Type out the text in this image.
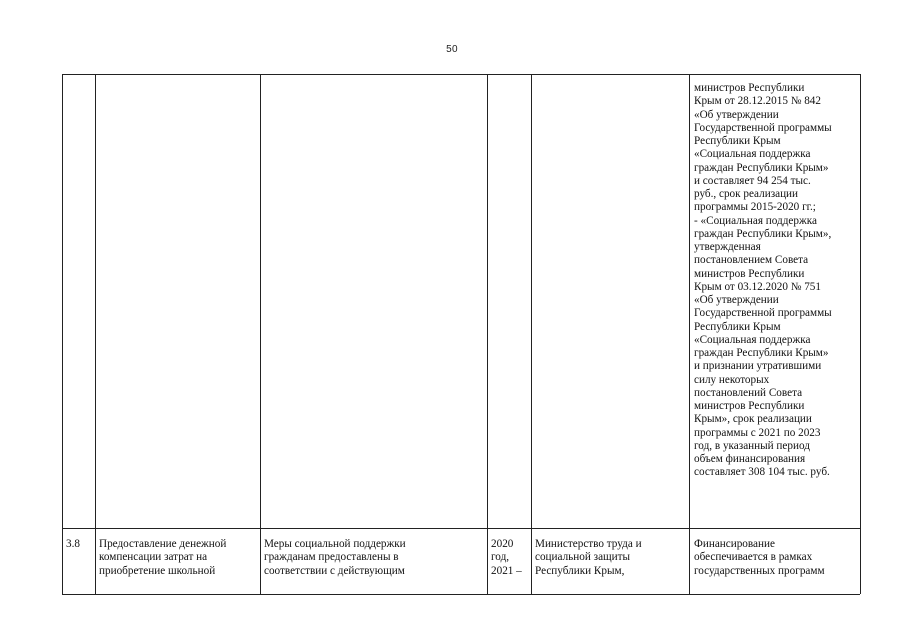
50
министров Республики
Крым от 28.12.2015 № 842
«Об утверждении
Государственной программы
Республики Крым
«Социальная поддержка
граждан Республики Крым»
и составляет 94 254 тыс.
руб., срок реализации
программы 2015-2020 гг.;
- «Социальная поддержка
граждан Республики Крым»,
утвержденная
постановлением Совета
министров Республики
Крым от 03.12.2020 № 751
«Об утверждении
Государственной программы
Республики Крым
«Социальная поддержка
граждан Республики Крым»
и признании утратившими
силу некоторых
постановлений Совета
министров Республики
Крым», срок реализации
программы с 2021 по 2023
год, в указанный период
объем финансирования
составляет 308 104 тыс. руб.
3.8	Предоставление денежной
компенсации затрат на
приобретение школьной
Меры социальной поддержки
гражданам предоставлены в
соответствии с действующим
2020
год,
2021 –
Министерство труда и
социальной защиты
Республики Крым,
Финансирование
обеспечивается в рамках
государственных программ
